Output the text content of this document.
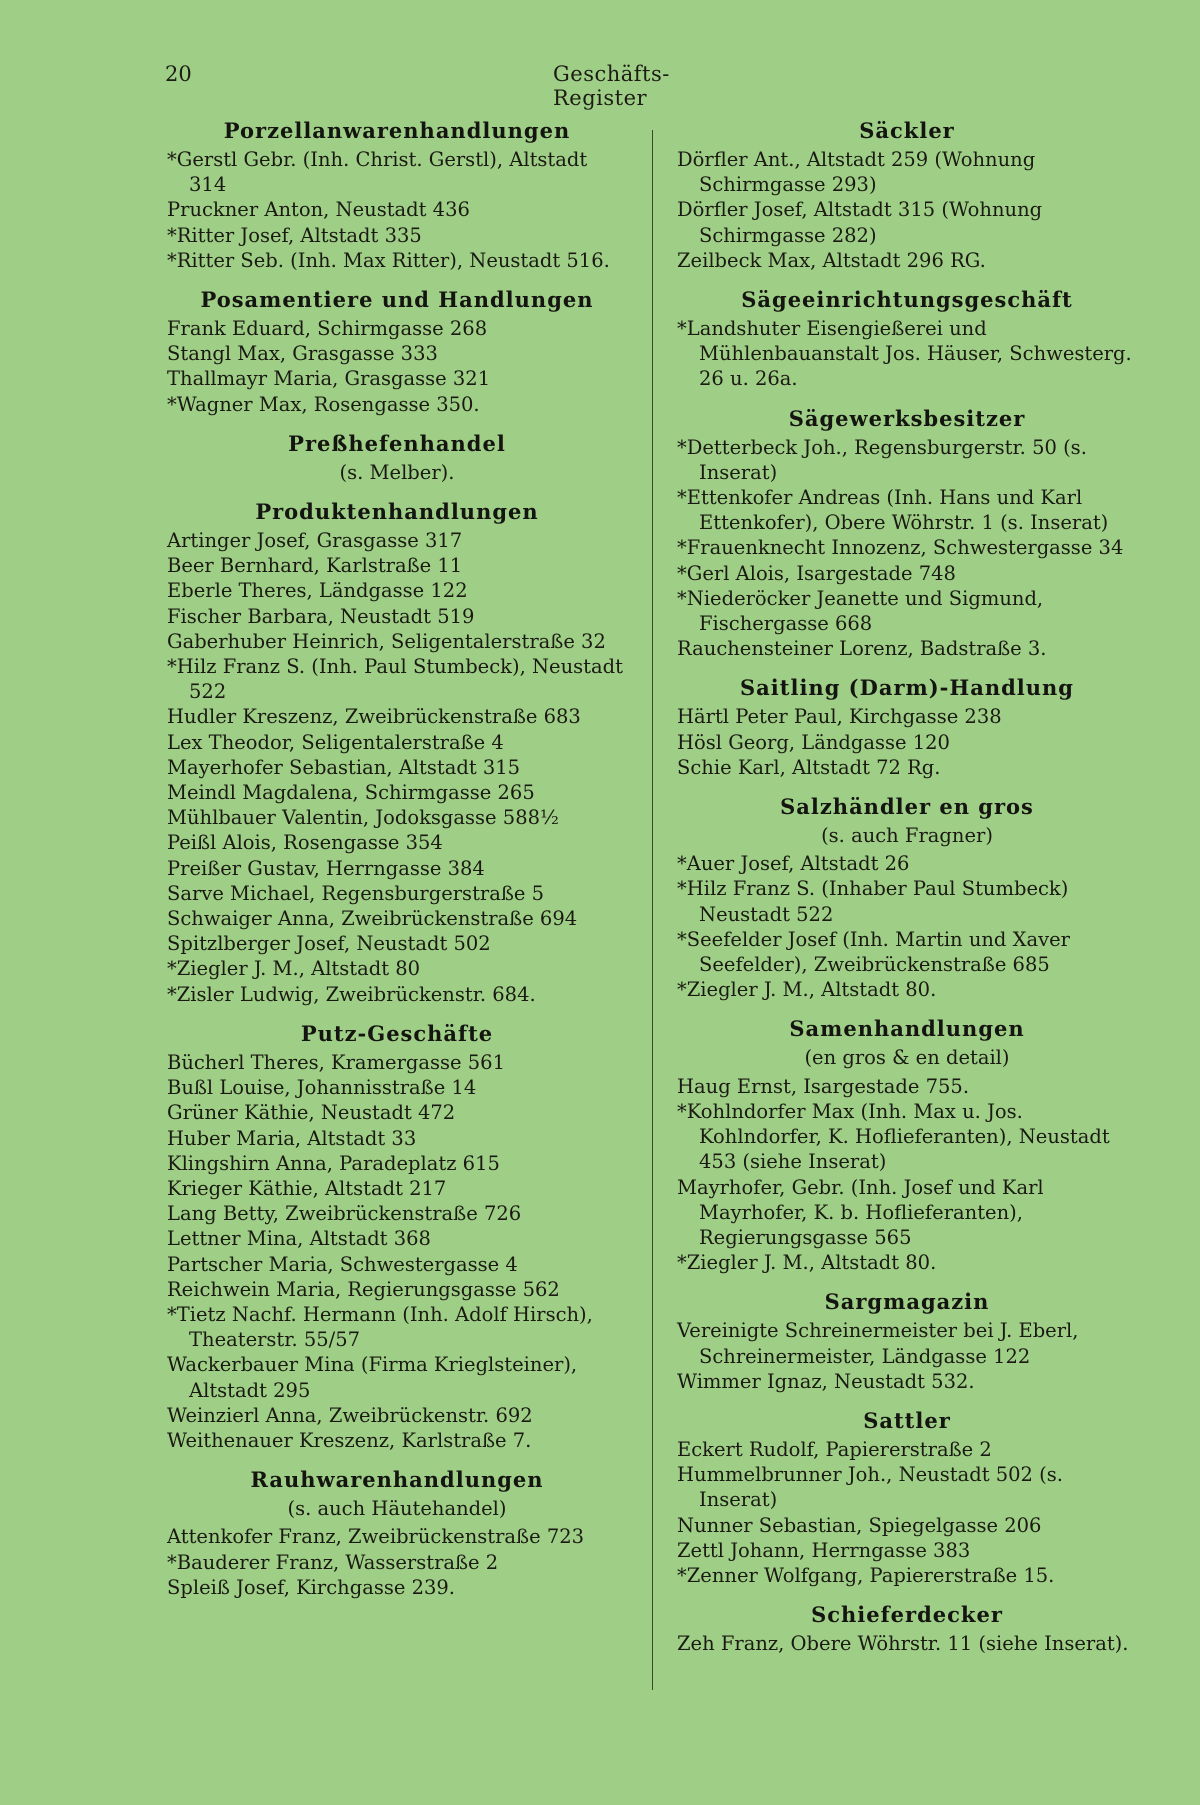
20	Geschäfts-Register
Porzellanwarenhandlungen
*Gerstl Gebr. (Inh. Christ. Gerstl), Altstadt 314
Pruckner Anton, Neustadt 436
*Ritter Josef, Altstadt 335
*Ritter Seb. (Inh. Max Ritter), Neustadt 516.
Posamentiere und Handlungen
Frank Eduard, Schirmgasse 268
Stangl Max, Grasgasse 333
Thallmayr Maria, Grasgasse 321
*Wagner Max, Rosengasse 350.
Preßhefenhandel
(s. Melber).
Produktenhandlungen
Artinger Josef, Grasgasse 317
Beer Bernhard, Karlstraße 11
Eberle Theres, Ländgasse 122
Fischer Barbara, Neustadt 519
Gaberhuber Heinrich, Seligentalerstraße 32
*Hilz Franz S. (Inh. Paul Stumbeck), Neustadt 522
Hudler Kreszenz, Zweibrückenstraße 683
Lex Theodor, Seligentalerstraße 4
Mayerhofer Sebastian, Altstadt 315
Meindl Magdalena, Schirmgasse 265
Mühlbauer Valentin, Jodoksgasse 588½
Peißl Alois, Rosengasse 354
Preißer Gustav, Herrngasse 384
Sarve Michael, Regensburgerstraße 5
Schwaiger Anna, Zweibrückenstraße 694
Spitzlberger Josef, Neustadt 502
*Ziegler J. M., Altstadt 80
*Zisler Ludwig, Zweibrückenstr. 684.
Putz-Geschäfte
Bücherl Theres, Kramergasse 561
Bußl Louise, Johannisstraße 14
Grüner Käthie, Neustadt 472
Huber Maria, Altstadt 33
Klingshirn Anna, Paradeplatz 615
Krieger Käthie, Altstadt 217
Lang Betty, Zweibrückenstraße 726
Lettner Mina, Altstadt 368
Partscher Maria, Schwestergasse 4
Reichwein Maria, Regierungsgasse 562
*Tietz Nachf. Hermann (Inh. Adolf Hirsch), Theaterstr. 55/57
Wackerbauer Mina (Firma Krieglsteiner), Altstadt 295
Weinzierl Anna, Zweibrückenstr. 692
Weithenauer Kreszenz, Karlstraße 7.
Rauhwarenhandlungen
(s. auch Häutehandel)
Attenkofer Franz, Zweibrückenstraße 723
*Bauderer Franz, Wasserstraße 2
Spleiß Josef, Kirchgasse 239.
Säckler
Dörfler Ant., Altstadt 259 (Wohnung Schirmgasse 293)
Dörfler Josef, Altstadt 315 (Wohnung Schirmgasse 282)
Zeilbeck Max, Altstadt 296 RG.
Sägeeinrichtungsgeschäft
*Landshuter Eisengießerei und Mühlenbauanstalt Jos. Häuser, Schwesterg. 26 u. 26a.
Sägewerksbesitzer
*Detterbeck Joh., Regensburgerstr. 50 (s. Inserat)
*Ettenkofer Andreas (Inh. Hans und Karl Ettenkofer), Obere Wöhrstr. 1 (s. Inserat)
*Frauenknecht Innozenz, Schwestergasse 34
*Gerl Alois, Isargestade 748
*Niederöcker Jeanette und Sigmund, Fischergasse 668
Rauchensteiner Lorenz, Badstraße 3.
Saitling (Darm)-Handlung
Härtl Peter Paul, Kirchgasse 238
Hösl Georg, Ländgasse 120
Schie Karl, Altstadt 72 Rg.
Salzhändler en gros
(s. auch Fragner)
*Auer Josef, Altstadt 26
*Hilz Franz S. (Inhaber Paul Stumbeck) Neustadt 522
*Seefelder Josef (Inh. Martin und Xaver Seefelder), Zweibrückenstraße 685
*Ziegler J. M., Altstadt 80.
Samenhandlungen
(en gros & en detail)
Haug Ernst, Isargestade 755.
*Kohlndorfer Max (Inh. Max u. Jos. Kohlndorfer, K. Hoflieferanten), Neustadt 453 (siehe Inserat)
Mayrhofer, Gebr. (Inh. Josef und Karl Mayrhofer, K. b. Hoflieferanten), Regierungsgasse 565
*Ziegler J. M., Altstadt 80.
Sargmagazin
Vereinigte Schreinermeister bei J. Eberl, Schreinermeister, Ländgasse 122
Wimmer Ignaz, Neustadt 532.
Sattler
Eckert Rudolf, Papiererstraße 2
Hummelbrunner Joh., Neustadt 502 (s. Inserat)
Nunner Sebastian, Spiegelgasse 206
Zettl Johann, Herrngasse 383
*Zenner Wolfgang, Papiererstraße 15.
Schieferdecker
Zeh Franz, Obere Wöhrstr. 11 (siehe Inserat).
